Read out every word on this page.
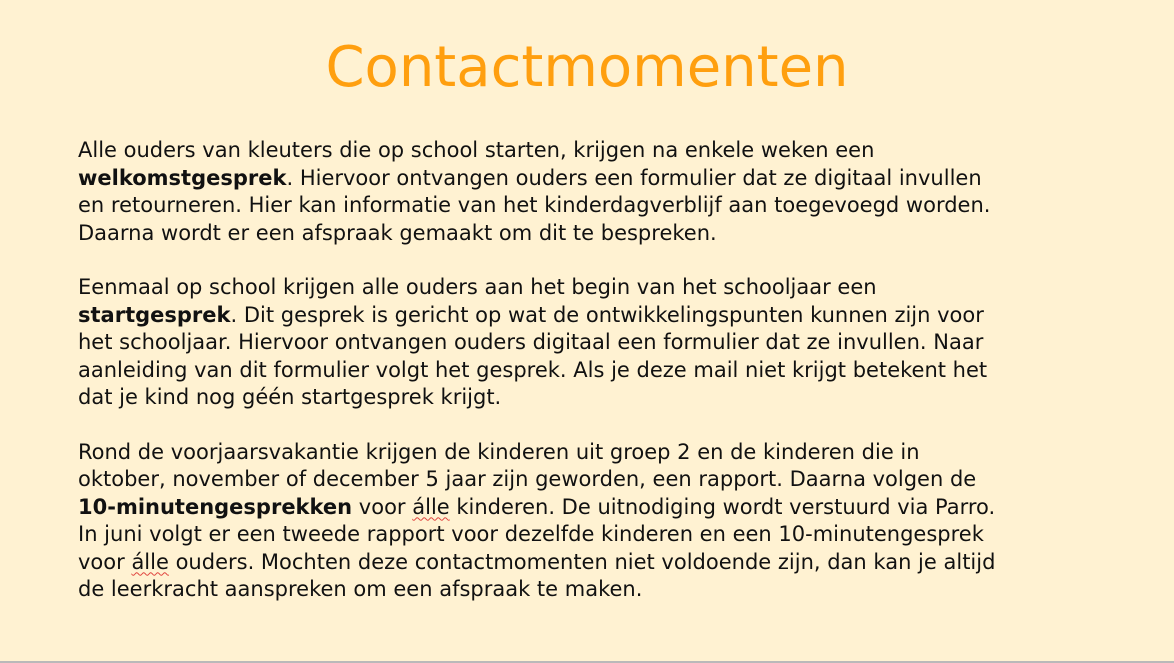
Contactmomenten

Alle ouders van kleuters die op school starten, krijgen na enkele weken een
welkomstgesprek. Hiervoor ontvangen ouders een formulier dat ze digitaal invullen
en retourneren. Hier kan informatie van het kinderdagverblijf aan toegevoegd worden.
Daarna wordt er een afspraak gemaakt om dit te bespreken.

Eenmaal op school krijgen alle ouders aan het begin van het schooljaar een
startgesprek. Dit gesprek is gericht op wat de ontwikkelingspunten kunnen zijn voor
het schooljaar. Hiervoor ontvangen ouders digitaal een formulier dat ze invullen. Naar
aanleiding van dit formulier volgt het gesprek. Als je deze mail niet krijgt betekent het
dat je kind nog géén startgesprek krijgt.

Rond de voorjaarsvakantie krijgen de kinderen uit groep 2 en de kinderen die in
oktober, november of december 5 jaar zijn geworden, een rapport. Daarna volgen de
10-minutengesprekken voor álle kinderen. De uitnodiging wordt verstuurd via Parro.
In juni volgt er een tweede rapport voor dezelfde kinderen en een 10-minutengesprek
voor álle ouders. Mochten deze contactmomenten niet voldoende zijn, dan kan je altijd
de leerkracht aanspreken om een afspraak te maken.
